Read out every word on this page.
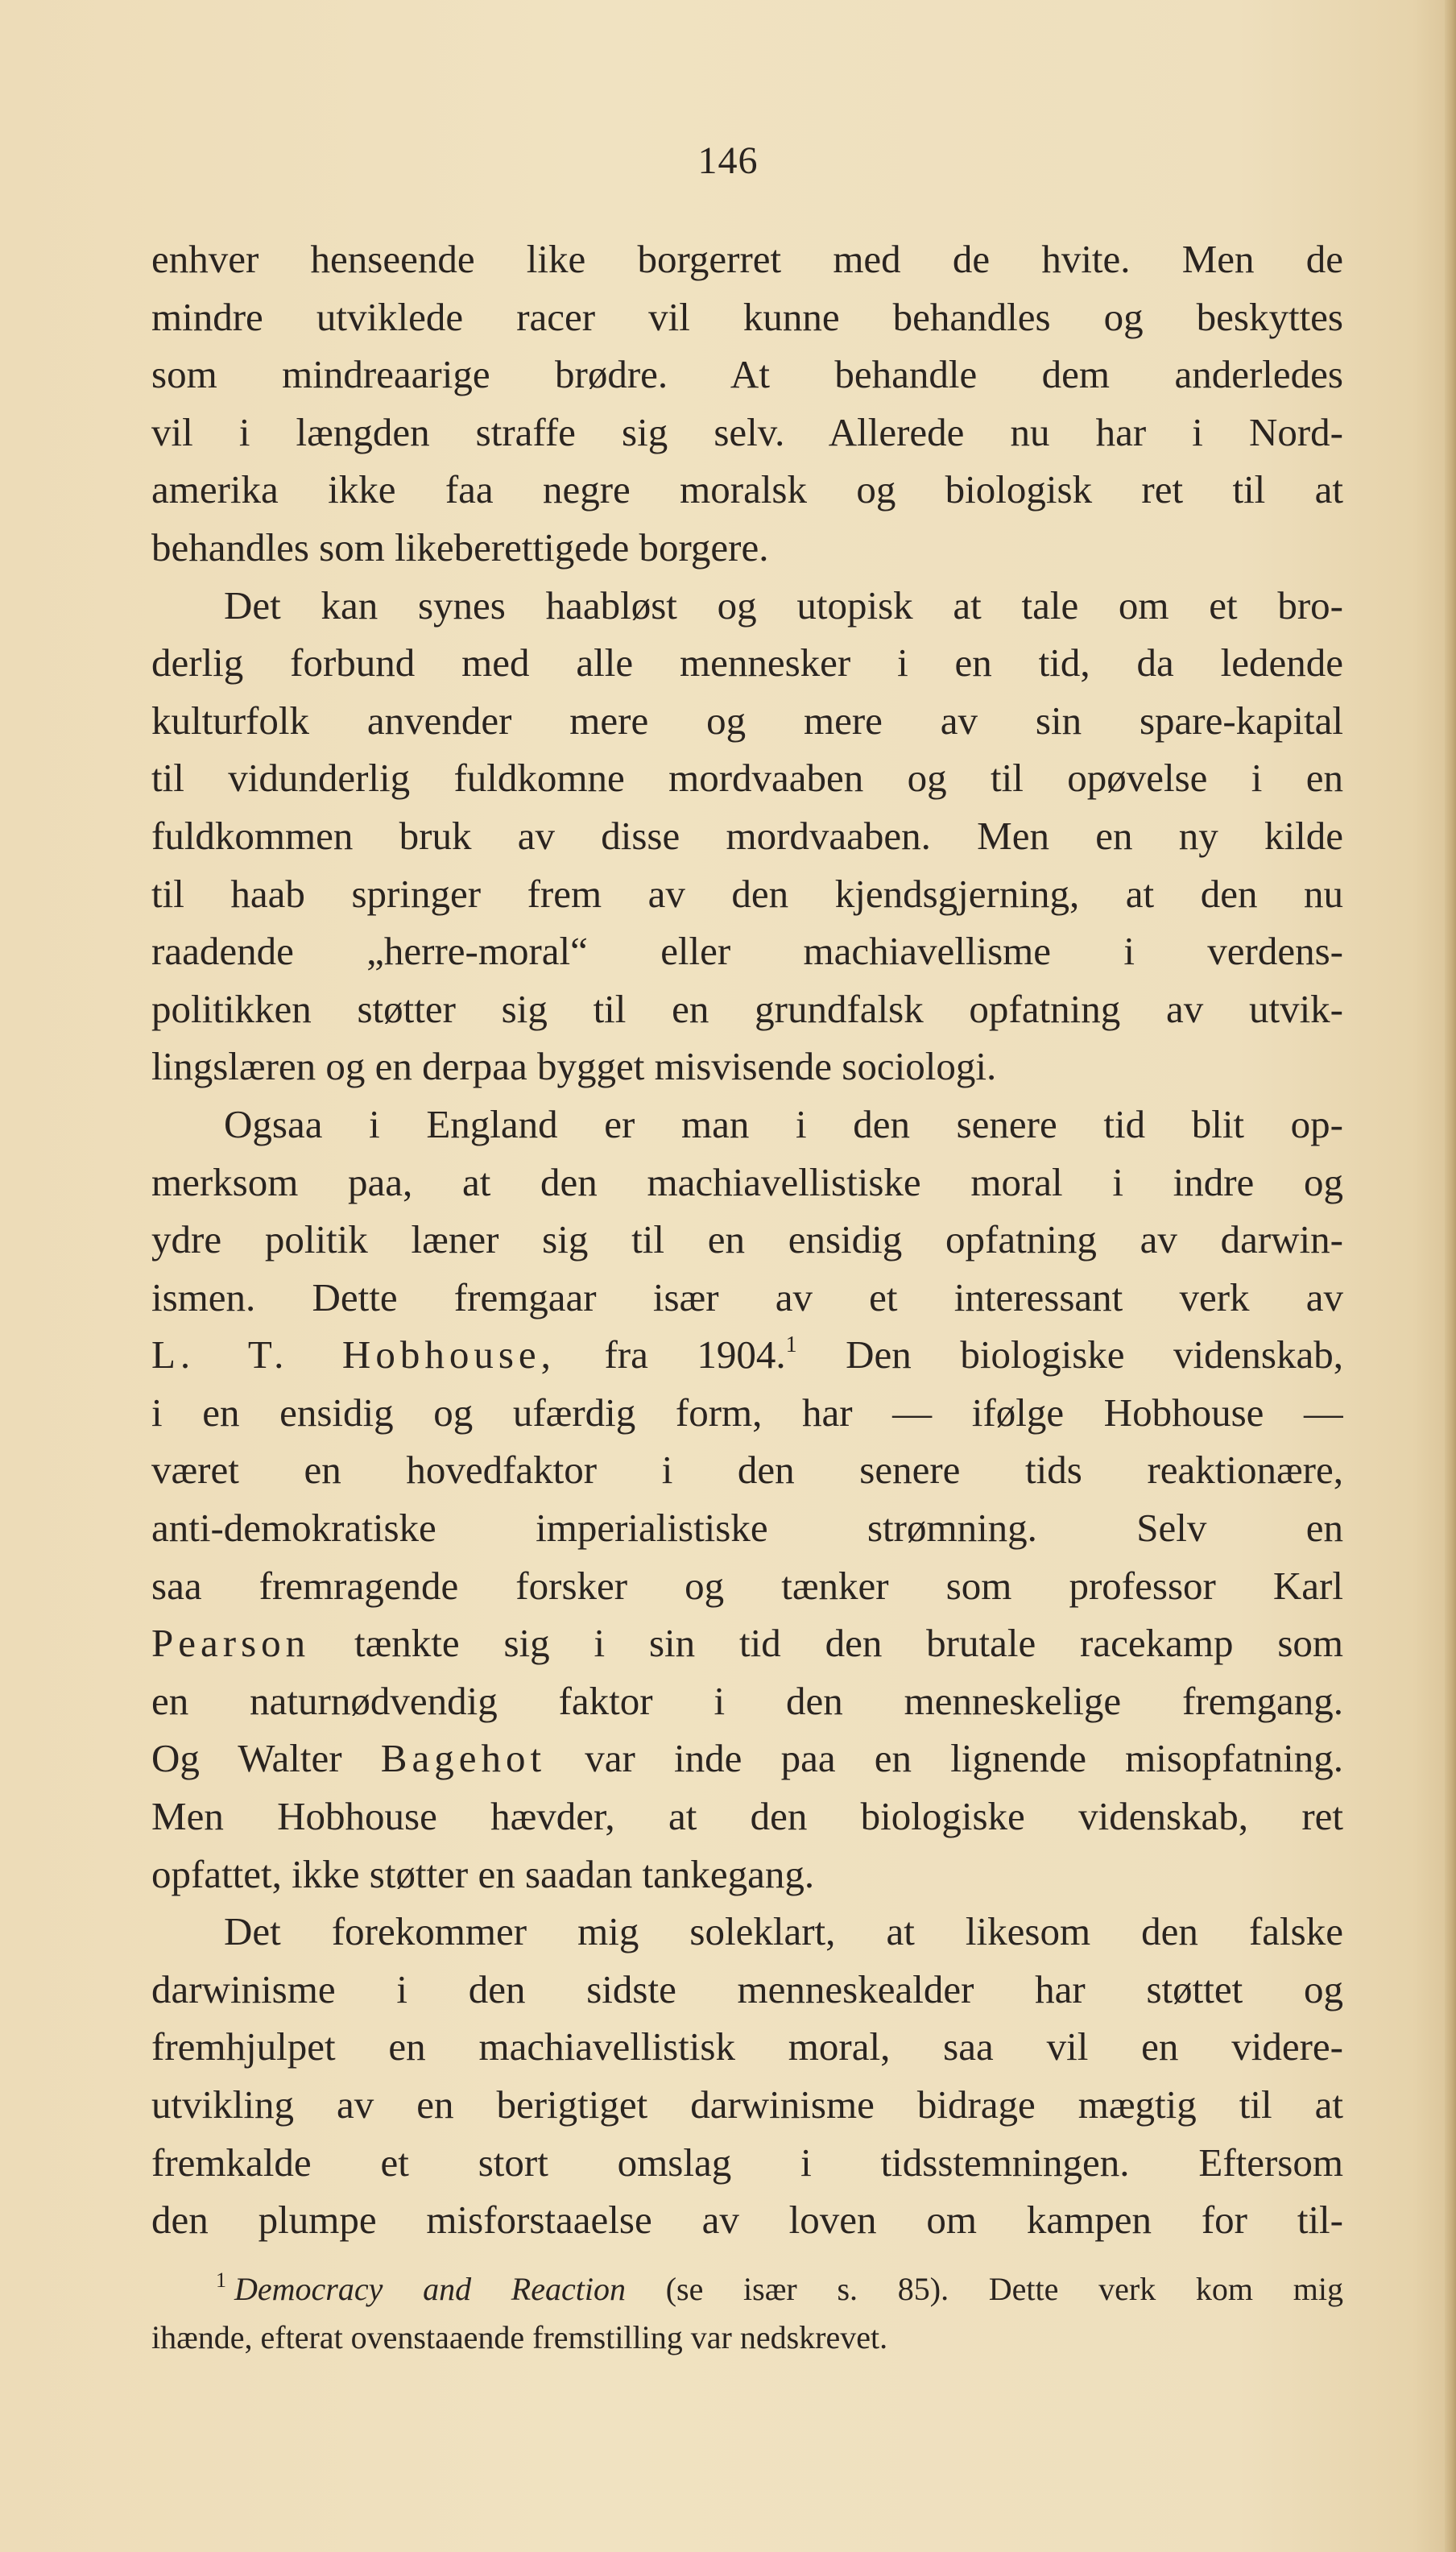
146
enhver henseende like borgerret med de hvite. Men de
mindre utviklede racer vil kunne behandles og beskyttes
som mindreaarige brødre. At behandle dem anderledes
vil i længden straffe sig selv. Allerede nu har i Nord-
amerika ikke faa negre moralsk og biologisk ret til at
behandles som likeberettigede borgere.
Det kan synes haabløst og utopisk at tale om et bro-
derlig forbund med alle mennesker i en tid, da ledende
kulturfolk anvender mere og mere av sin spare-kapital
til vidunderlig fuldkomne mordvaaben og til opøvelse i en
fuldkommen bruk av disse mordvaaben. Men en ny kilde
til haab springer frem av den kjendsgjerning, at den nu
raadende „herre-moral“ eller machiavellisme i verdens-
politikken støtter sig til en grundfalsk opfatning av utvik-
lingslæren og en derpaa bygget misvisende sociologi.
Ogsaa i England er man i den senere tid blit op-
merksom paa, at den machiavellistiske moral i indre og
ydre politik læner sig til en ensidig opfatning av darwin-
ismen. Dette fremgaar især av et interessant verk av
L. T. Hobhouse, fra 1904.$^1$ Den biologiske videnskab,
i en ensidig og ufærdig form, har — ifølge Hobhouse —
været en hovedfaktor i den senere tids reaktionære,
anti-demokratiske imperialistiske strømning. Selv en
saa fremragende forsker og tænker som professor Karl
Pearson tænkte sig i sin tid den brutale racekamp som
en naturnødvendig faktor i den menneskelige fremgang.
Og Walter Bagehot var inde paa en lignende misopfatning.
Men Hobhouse hævder, at den biologiske videnskab, ret
opfattet, ikke støtter en saadan tankegang.
Det forekommer mig soleklart, at likesom den falske
darwinisme i den sidste menneskealder har støttet og
fremhjulpet en machiavellistisk moral, saa vil en videre-
utvikling av en berigtiget darwinisme bidrage mægtig til at
fremkalde et stort omslag i tidsstemningen. Eftersom
den plumpe misforstaaelse av loven om kampen for til-
$^1$ Democracy and Reaction (se især s. 85). Dette verk kom mig
ihænde, efterat ovenstaaende fremstilling var nedskrevet.
